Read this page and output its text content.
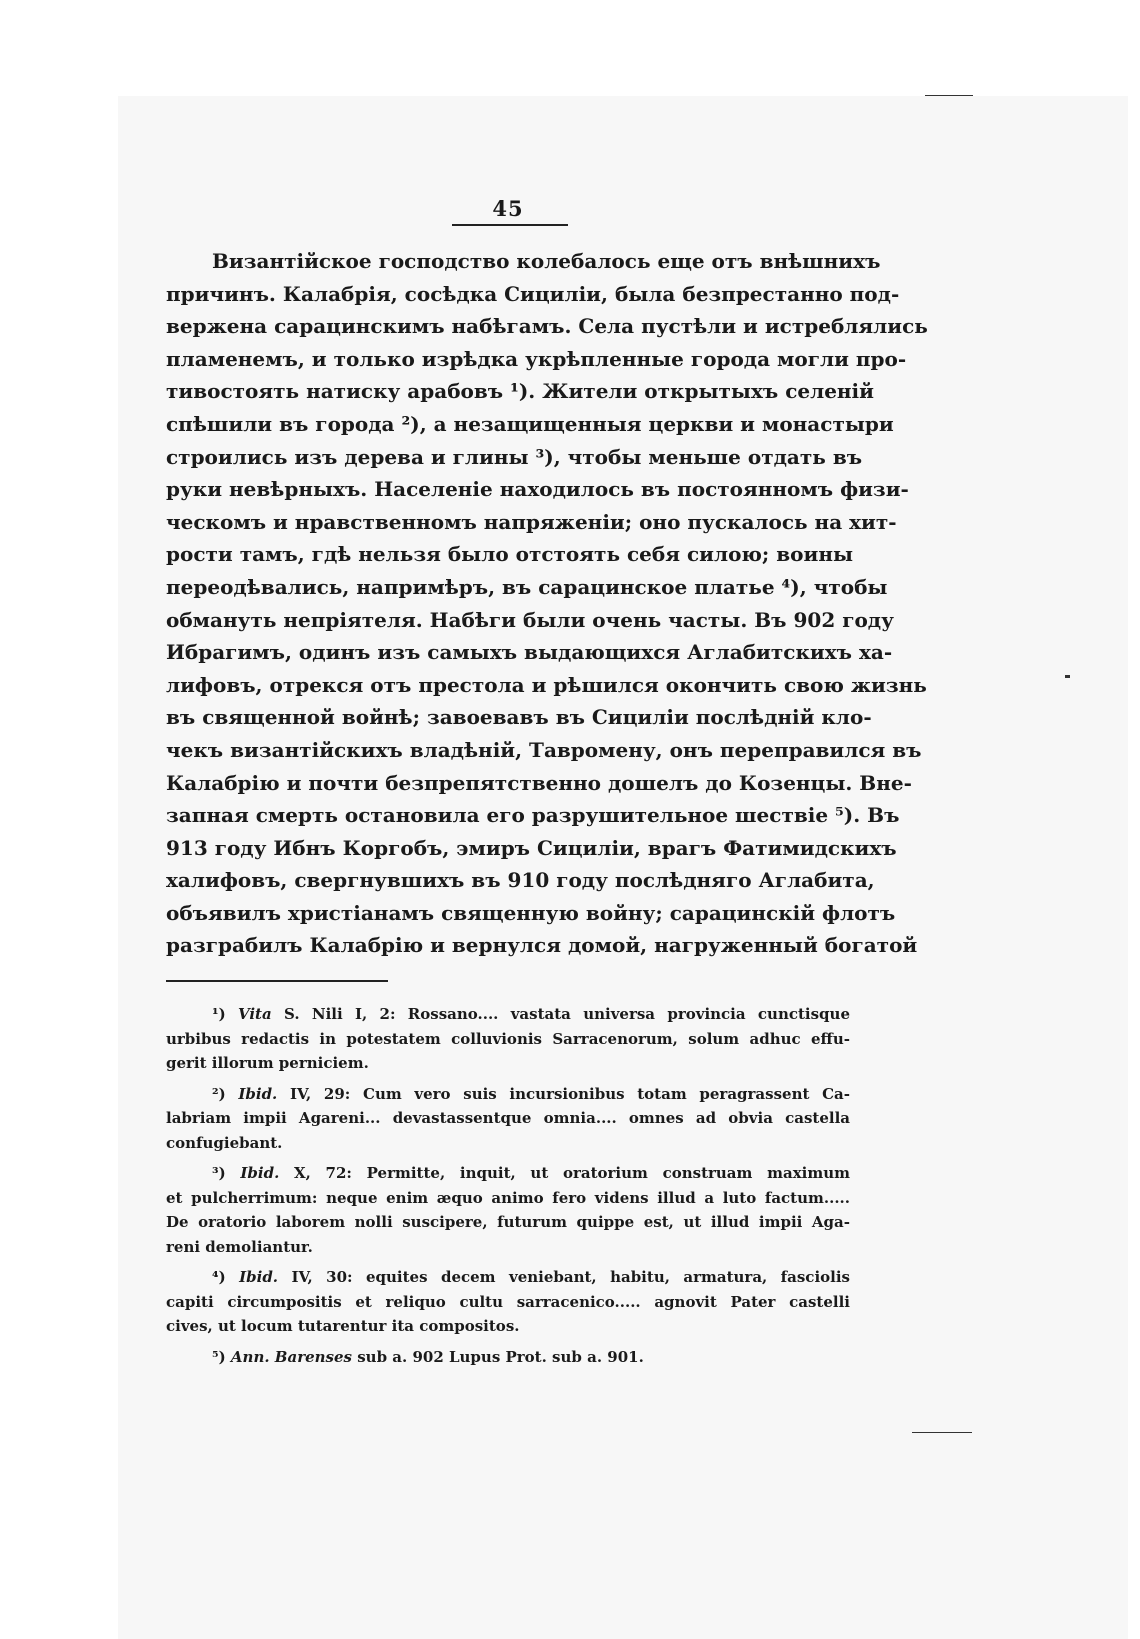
45
Византійское господство колебалось еще отъ внѣшнихъ
причинъ. Калабрія, сосѣдка Сициліи, была безпрестанно под-
вержена сарацинскимъ набѣгамъ. Села пустѣли и истреблялись
пламенемъ, и только изрѣдка укрѣпленные города могли про-
тивостоять натиску арабовъ ¹). Жители открытыхъ селеній
спѣшили въ города ²), а незащищенныя церкви и монастыри
строились изъ дерева и глины ³), чтобы меньше отдать въ
руки невѣрныхъ. Населеніе находилось въ постоянномъ физи-
ческомъ и нравственномъ напряженіи; оно пускалось на хит-
рости тамъ, гдѣ нельзя было отстоять себя силою; воины
переодѣвались, напримѣръ, въ сарацинское платье ⁴), чтобы
обмануть непріятеля. Набѣги были очень часты. Въ 902 году
Ибрагимъ, одинъ изъ самыхъ выдающихся Аглабитскихъ ха-
лифовъ, отрекся отъ престола и рѣшился окончить свою жизнь
въ священной войнѣ; завоевавъ въ Сициліи послѣдній кло-
чекъ византійскихъ владѣній, Тавромену, онъ переправился въ
Калабрію и почти безпрепятственно дошелъ до Козенцы. Вне-
запная смерть остановила его разрушительное шествіе ⁵). Въ
913 году Ибнъ Коргобъ, эмиръ Сициліи, врагъ Фатимидскихъ
халифовъ, свергнувшихъ въ 910 году послѣдняго Аглабита,
объявилъ христіанамъ священную войну; сарацинскій флотъ
разграбилъ Калабрію и вернулся домой, нагруженный богатой
¹) Vita S. Nili I, 2: Rossano.... vastata universa provincia cunctisque
urbibus redactis in potestatem colluvionis Sarracenorum, solum adhuc effu-
gerit illorum perniciem.
²) Ibid. IV, 29: Cum vero suis incursionibus totam peragrassent Ca-
labriam impii Agareni... devastassentque omnia.... omnes ad obvia castella
confugiebant.
³) Ibid. X, 72: Permitte, inquit, ut oratorium construam maximum
et pulcherrimum: neque enim æquo animo fero videns illud a luto factum.....
De oratorio laborem nolli suscipere, futurum quippe est, ut illud impii Aga-
reni demoliantur.
⁴) Ibid. IV, 30: equites decem veniebant, habitu, armatura, fasciolis
capiti circumpositis et reliquo cultu sarracenico..... agnovit Pater castelli
cives, ut locum tutarentur ita compositos.
⁵) Ann. Barenses sub a. 902 Lupus Prot. sub a. 901.
